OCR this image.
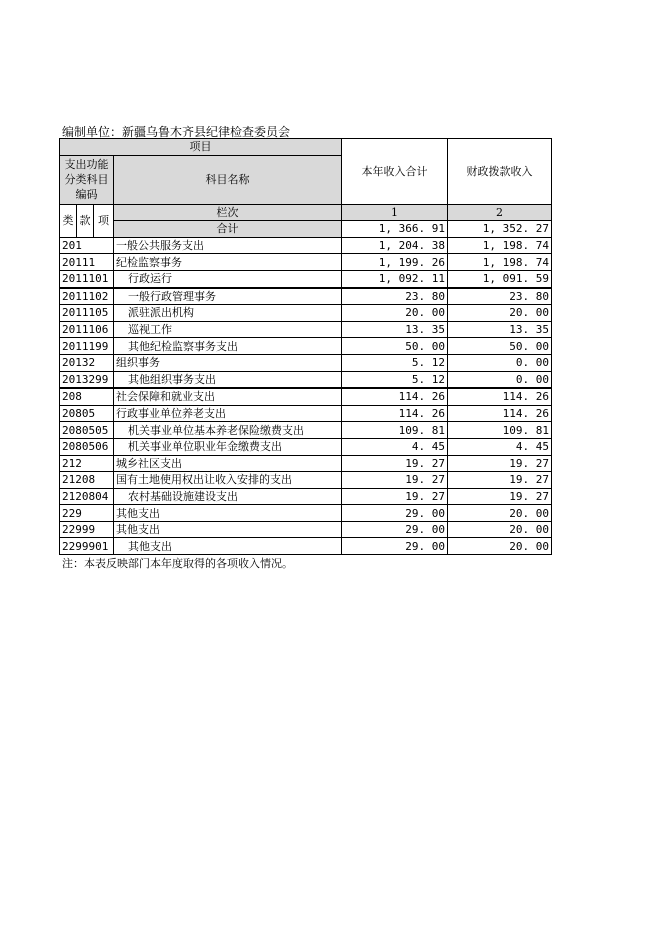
编制单位：新疆乌鲁木齐县纪律检查委员会
项目				本年收入合计	财政拨款收入
支出功能分类科目编码			科目名称		

类	款	项	栏次	1	2
			合计	1, 366. 91	1, 352. 27
201			一般公共服务支出	1, 204. 38	1, 198. 74
20111			纪检监察事务	1, 199. 26	1, 198. 74
2011101			行政运行	1, 092. 11	1, 091. 59
2011102			一般行政管理事务	23. 80	23. 80
2011105			派驻派出机构	20. 00	20. 00
2011106			巡视工作	13. 35	13. 35
2011199			其他纪检监察事务支出	50. 00	50. 00
20132			组织事务	5. 12	0. 00
2013299			其他组织事务支出	5. 12	0. 00
208			社会保障和就业支出	114. 26	114. 26
20805			行政事业单位养老支出	114. 26	114. 26
2080505			机关事业单位基本养老保险缴费支出	109. 81	109. 81
2080506			机关事业单位职业年金缴费支出	4. 45	4. 45
212			城乡社区支出	19. 27	19. 27
21208			国有土地使用权出让收入安排的支出	19. 27	19. 27
2120804			农村基础设施建设支出	19. 27	19. 27
229			其他支出	29. 00	20. 00
22999			其他支出	29. 00	20. 00
2299901			其他支出	29. 00	20. 00
注：本表反映部门本年度取得的各项收入情况。
